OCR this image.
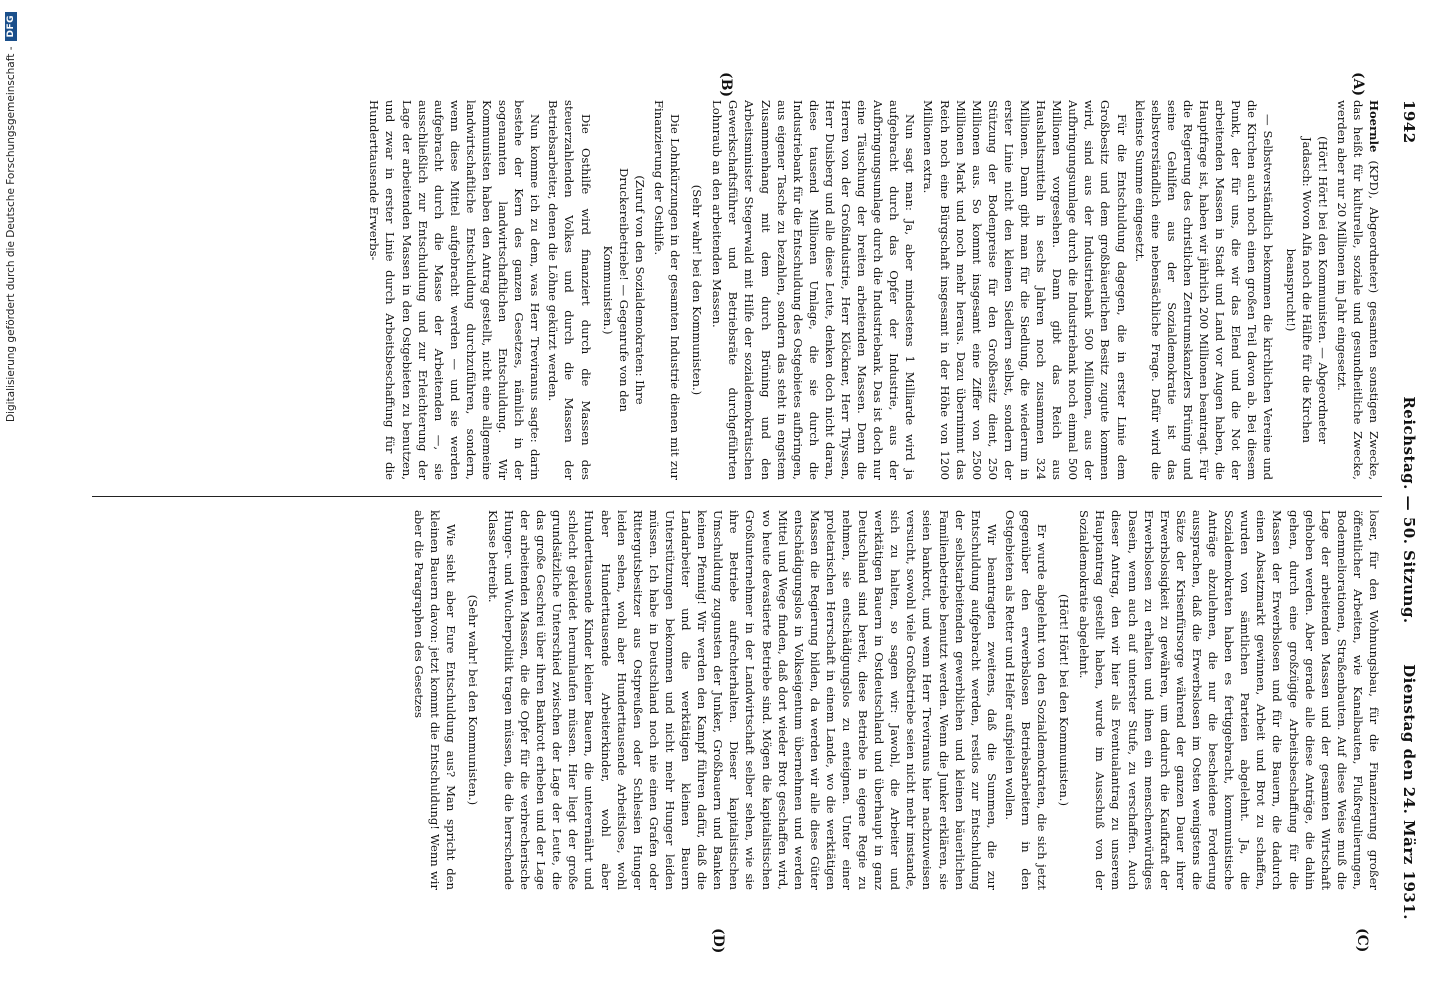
1942
Reichstag. — 50. Sitzung.
Dienstag den 24. März 1931.
(A)
(B)
(C)
(D)

Hoernle (KPD), Abgeordneter) gesamten sonstigen Zwecke, das heißt für kulturelle, soziale und gesundheitliche Zwecke, werden aber nur 20 Millionen im Jahr eingesetzt.

(Hört! Hört! bei den Kommunisten. — Abgeordneter Jadasch: Wovon Alfa noch die Hälfte für die Kirchen beansprucht!)

— Selbstverständlich bekommen die kirchlichen Vereine und die Kirchen auch noch einen großen Teil davon ab. Bei diesem Punkt, der für uns, die wir das Elend und die Not der arbeitenden Massen in Stadt und Land vor Augen haben, die Hauptfrage ist, haben wir jährlich 200 Millionen beantragt. Für die Regierung des christlichen Zentrumskanzlers Brüning und seine Gehilfen aus der Sozialdemokratie ist das selbstverständlich eine nebensächliche Frage. Dafür wird die kleinste Summe eingesetzt.

Für die Entschuldung dagegen, die in erster Linie dem Großbesitz und dem großbäuerlichen Besitz zugute kommen wird, sind aus der Industriebank 500 Millionen, aus der Aufbringungsumlage durch die Industriebank noch einmal 500 Millionen vorgesehen. Dann gibt das Reich aus Haushaltsmitteln in sechs Jahren noch zusammen 324 Millionen. Dann gibt man für die Siedlung, die wiederum in erster Linie nicht den kleinen Siedlern selbst, sondern der Stützung der Bodenpreise für den Großbesitz dient, 250 Millionen aus. So kommt insgesamt eine Ziffer von 2500 Millionen Mark und noch mehr heraus. Dazu übernimmt das Reich noch eine Bürgschaft insgesamt in der Höhe von 1200 Millionen extra.

Nun sagt man: Ja, aber mindestens 1 Milliarde wird ja aufgebracht durch das Opfer der Industrie, aus der Aufbringungsumlage durch die Industriebank. Das ist doch nur eine Täuschung der breiten arbeitenden Massen. Denn die Herren von der Großindustrie, Herr Klöckner, Herr Thyssen, Herr Duisberg und alle diese Leute, denken doch nicht daran, diese tausend Millionen Umlage, die sie durch die Industriebank für die Entschuldung des Ostgebietes aufbringen, aus eigener Tasche zu bezahlen, sondern das steht in engstem Zusammenhang mit dem durch Brüning und den Arbeitsminister Stegerwald mit Hilfe der sozialdemokratischen Gewerkschaftsführer und Betriebsräte durchgeführten Lohnraub an den arbeitenden Massen.

(Sehr wahr! bei den Kommunisten.)

Die Lohnkürzungen in der gesamten Industrie dienen mit zur Finanzierung der Osthilfe.

(Zuruf von den Sozialdemokraten: Ihre Druckereibetriebe! — Gegenrufe von den Kommunisten.)

Die Osthilfe wird finanziert durch die Massen des steuerzahlenden Volkes und durch die Massen der Betriebsarbeiter, denen die Löhne gekürzt werden.

Nun komme ich zu dem, was Herr Treviranus sagte: darin bestehe der Kern des ganzen Gesetzes, nämlich in der sogenannten landwirtschaftlichen Entschuldung. Wir Kommunisten haben den Antrag gestellt, nicht eine allgemeine landwirtschaftliche Entschuldung durchzuführen, sondern, wenn diese Mittel aufgebracht werden — und sie werden aufgebracht durch die Masse der Arbeitenden —, sie ausschließlich zur Entschuldung und zur Erleichterung der Lage der arbeitenden Massen in den Ostgebieten zu benutzen, und zwar in erster Linie durch Arbeitsbeschaffung für die Hunderttausende Erwerbs-

loser, für den Wohnungsbau, für die Finanzierung großer öffentlicher Arbeiten, wie Kanalbauten, Flußregulierungen, Bodenmeliorationen, Straßenbauten. Auf diese Weise muß die Lage der arbeitenden Massen und der gesamten Wirtschaft gehoben werden. Aber gerade alle diese Anträge, die dahin gehen, durch eine großzügige Arbeitsbeschaffung für die Massen der Erwerbslosen und für die Bauern, die dadurch einen Absatzmarkt gewinnen, Arbeit und Brot zu schaffen, wurden von sämtlichen Parteien abgelehnt. Ja, die Sozialdemokraten haben es fertiggebracht, kommunistische Anträge abzulehnen, die nur die bescheidene Forderung aussprachen, daß die Erwerbslosen im Osten wenigstens die Sätze der Krisenfürsorge während der ganzen Dauer ihrer Erwerbslosigkeit zu gewähren, um dadurch die Kaufkraft der Erwerbslosen zu erhalten und ihnen ein menschenwürdiges Dasein, wenn auch auf unterster Stufe, zu verschaffen. Auch dieser Antrag, den wir hier als Eventualantrag zu unserem Hauptantrag gestellt haben, wurde im Ausschuß von der Sozialdemokratie abgelehnt.

(Hört! Hört! bei den Kommunisten.)

Er wurde abgelehnt von den Sozialdemokraten, die sich jetzt gegenüber den erwerbslosen Betriebsarbeitern in den Ostgebieten als Retter und Helfer aufspielen wollen.

Wir beantragten zweitens, daß die Summen, die zur Entschuldung aufgebracht werden, restlos zur Entschuldung der selbstarbeitenden gewerblichen und kleinen bäuerlichen Familienbetriebe benutzt werden. Wenn die Junker erklären, sie seien bankrott, und wenn Herr Treviranus hier nachzuweisen versucht, sowohl viele Großbetriebe seien nicht mehr imstande, sich zu halten, so sagen wir: Jawohl, die Arbeiter und werktätigen Bauern in Ostdeutschland und überhaupt in ganz Deutschland sind bereit, diese Betriebe in eigene Regie zu nehmen, sie entschädigungslos zu enteignen. Unter einer proletarischen Herrschaft in einem Lande, wo die werktätigen Massen die Regierung bilden, da werden wir alle diese Güter entschädigungslos in Volkseigentum übernehmen und werden Mittel und Wege finden, daß dort wieder Brot geschaffen wird, wo heute devastierte Betriebe sind. Mögen die kapitalistischen Großunternehmer in der Landwirtschaft selber sehen, wie sie ihre Betriebe aufrechterhalten. Dieser kapitalistischen Umschuldung zugunsten der Junker, Großbauern und Banken keinen Pfennig! Wir werden den Kampf führen dafür, daß die Landarbeiter und die werktätigen kleinen Bauern Unterstützungen bekommen und nicht mehr Hunger leiden müssen. Ich habe in Deutschland noch nie einen Grafen oder Rittergutsbesitzer aus Ostpreußen oder Schlesien Hunger leiden sehen, wohl aber Hunderttausende Arbeitslose, wohl aber Hunderttausende Arbeiterkinder, wohl aber Hunderttausende Kinder kleiner Bauern, die unterernährt und schlecht gekleidet herumlaufen müssen. Hier liegt der große grundsätzliche Unterschied zwischen der Lage der Leute, die das große Geschrei über ihren Bankrott erheben und der Lage der arbeitenden Massen, die die Opfer für die verbrecherische Hunger- und Wucherpolitik tragen müssen, die die herrschende Klasse betreibt.

(Sehr wahr! bei den Kommunisten.)

Wie sieht aber Eure Entschuldung aus? Man spricht den kleinen Bauern davon: jetzt kommt die Entschuldung! Wenn wir aber die Paragraphen des Gesetzes

Digitalisierung gefördert durch die Deutsche Forschungsgemeinschaft -
DFG
